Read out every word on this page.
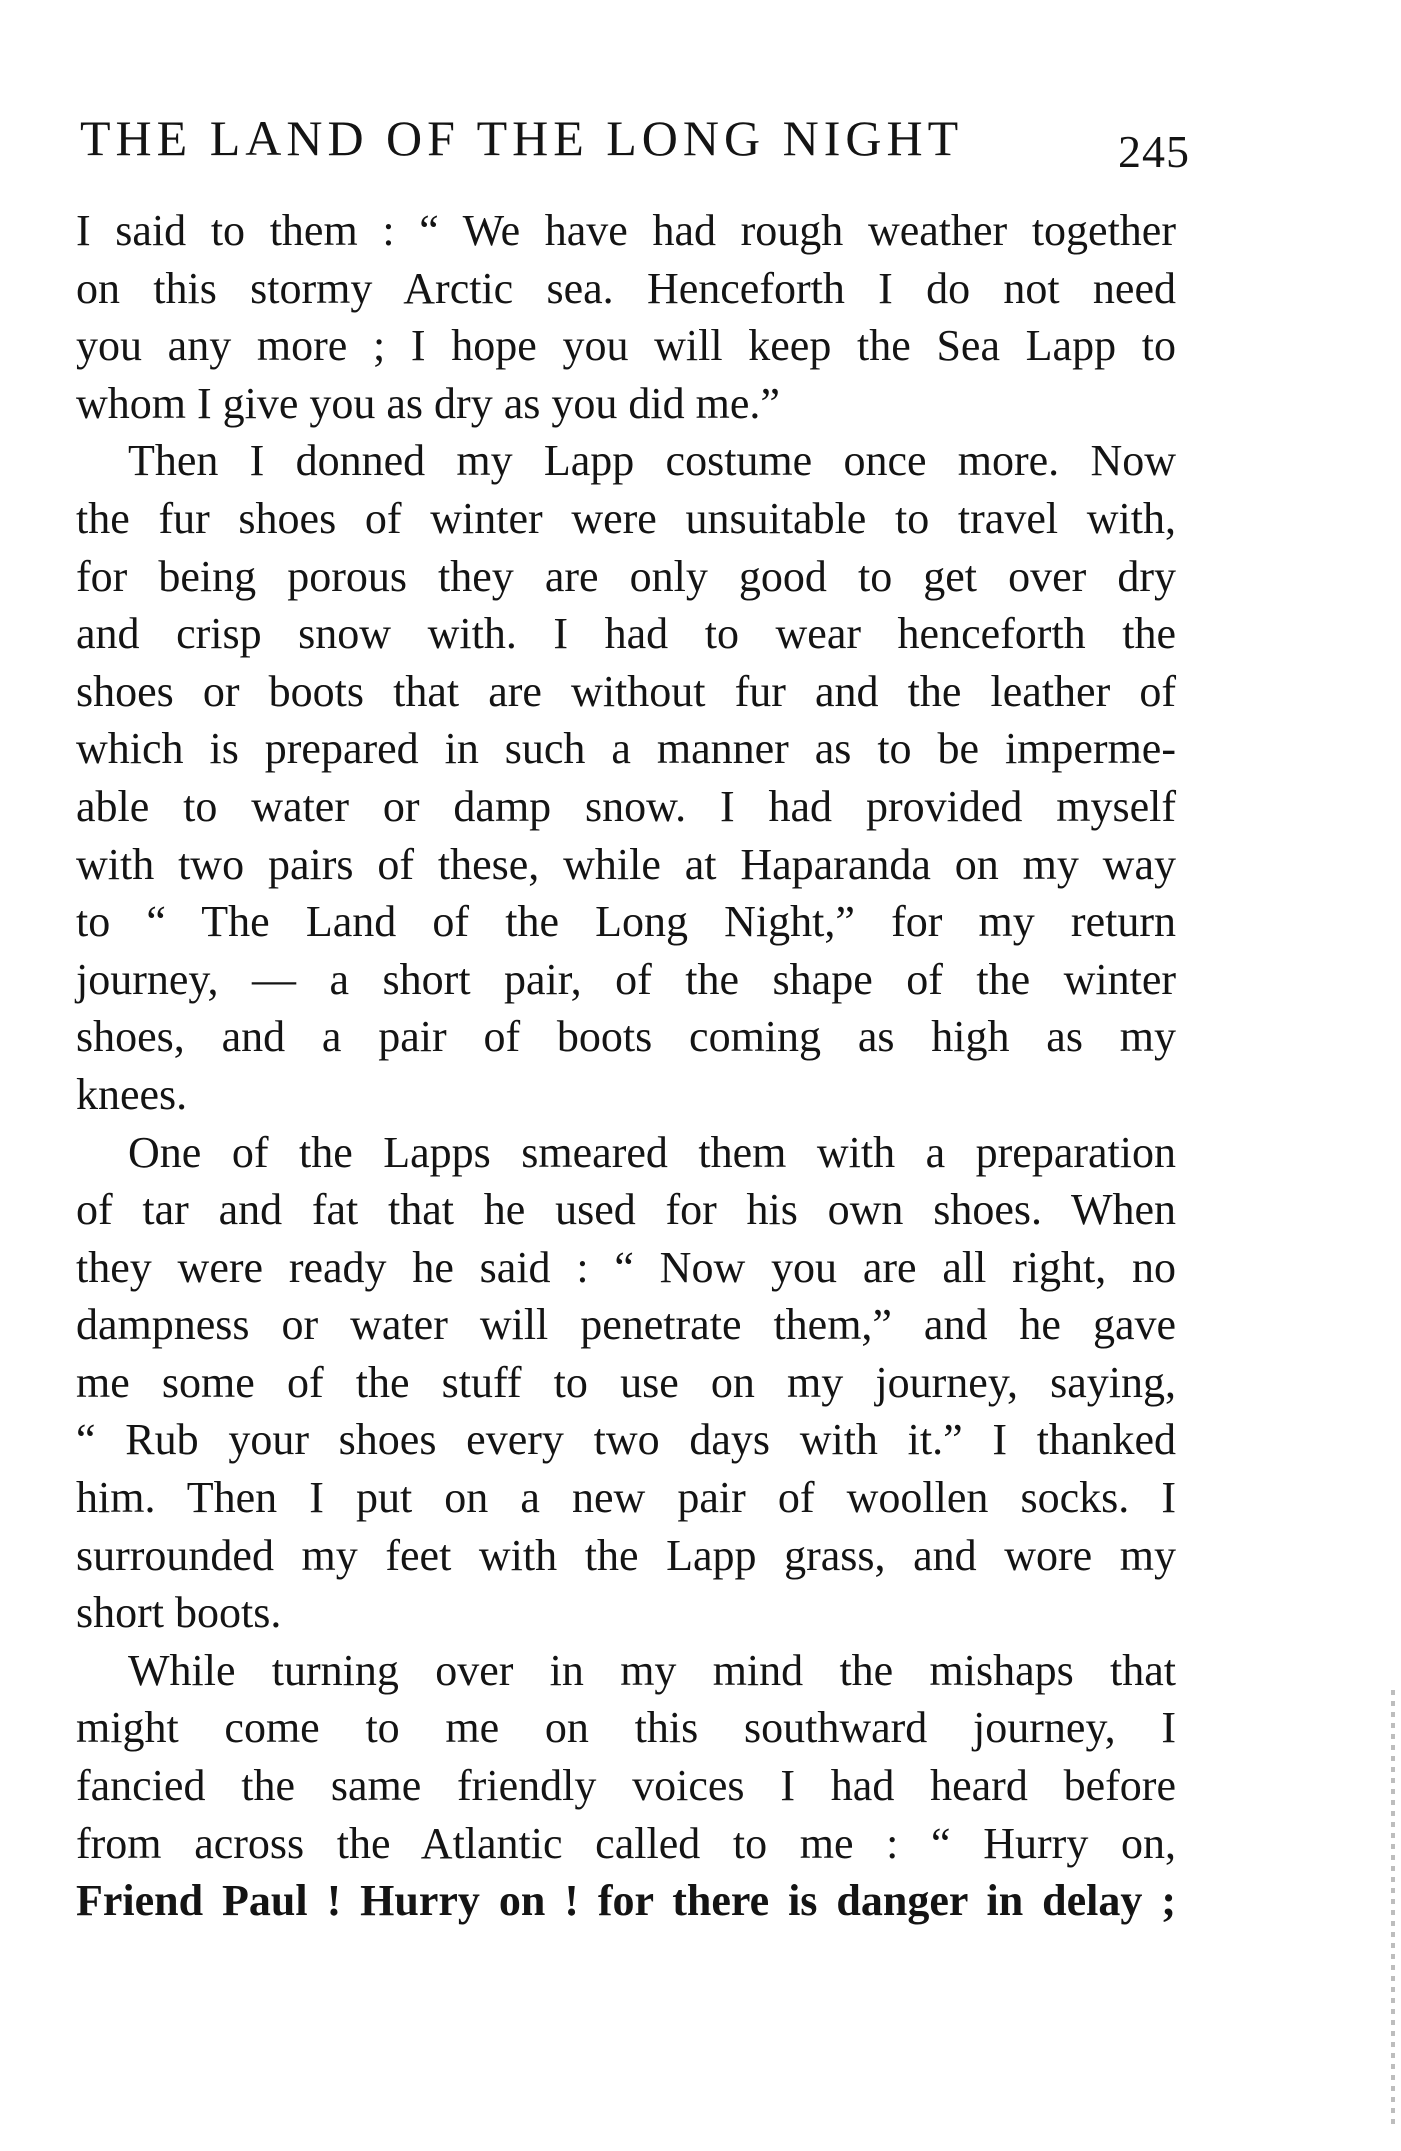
THE LAND OF THE LONG NIGHT	245
I said to them : “ We have had rough weather together
on this stormy Arctic sea. Henceforth I do not need
you any more ; I hope you will keep the Sea Lapp to
whom I give you as dry as you did me.”
Then I donned my Lapp costume once more. Now
the fur shoes of winter were unsuitable to travel with,
for being porous they are only good to get over dry
and crisp snow with. I had to wear henceforth the
shoes or boots that are without fur and the leather of
which is prepared in such a manner as to be imperme-
able to water or damp snow. I had provided myself
with two pairs of these, while at Haparanda on my way
to “ The Land of the Long Night,” for my return
journey, — a short pair, of the shape of the winter
shoes, and a pair of boots coming as high as my
knees.
One of the Lapps smeared them with a preparation
of tar and fat that he used for his own shoes. When
they were ready he said : “ Now you are all right, no
dampness or water will penetrate them,” and he gave
me some of the stuff to use on my journey, saying,
“ Rub your shoes every two days with it.” I thanked
him. Then I put on a new pair of woollen socks. I
surrounded my feet with the Lapp grass, and wore my
short boots.
While turning over in my mind the mishaps that
might come to me on this southward journey, I
fancied the same friendly voices I had heard before
from across the Atlantic called to me : “ Hurry on,
Friend Paul ! Hurry on ! for there is danger in delay ;
